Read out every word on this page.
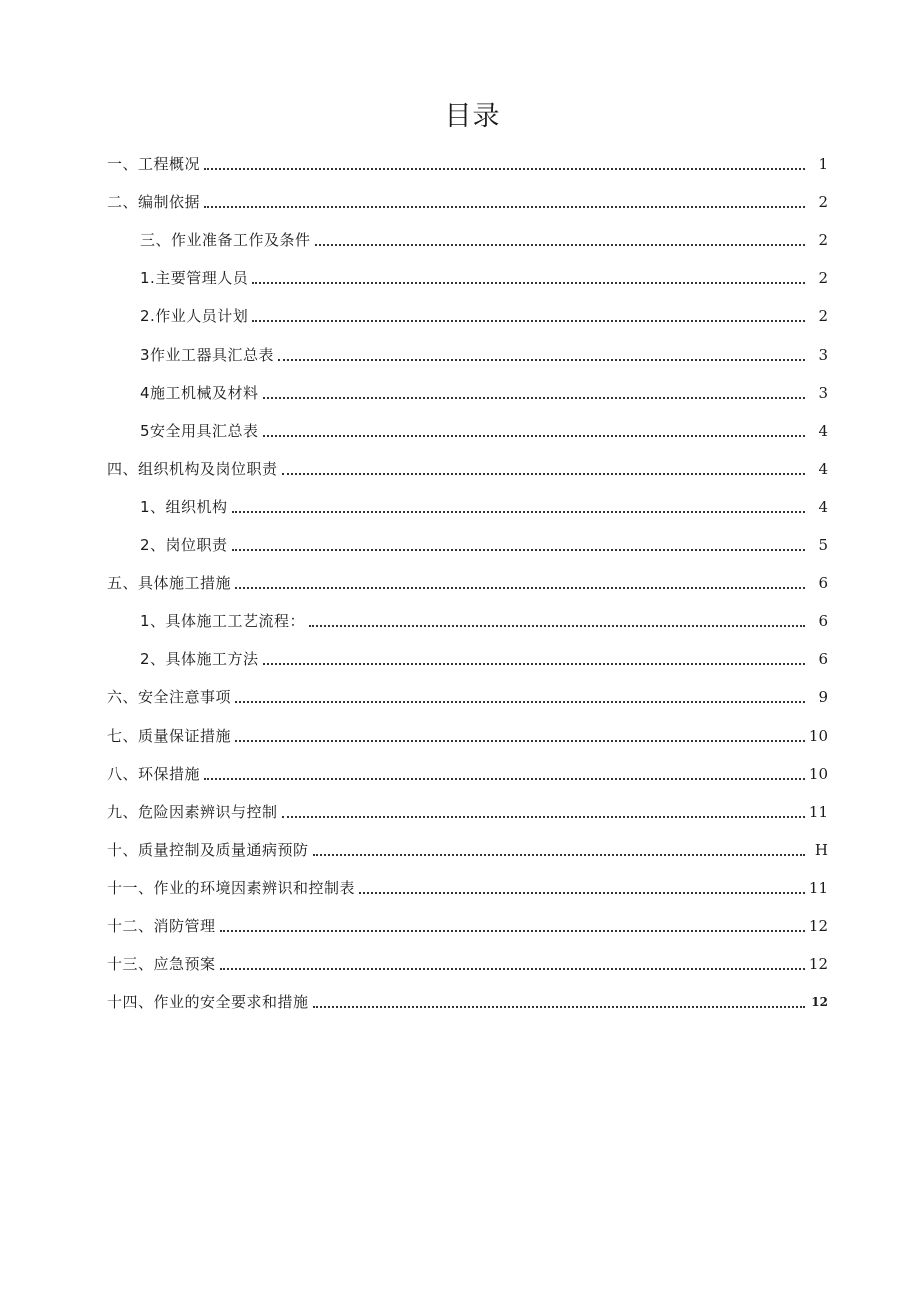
目录
一、工程概况	1
二、编制依据	2
三、作业准备工作及条件	2
1.主要管理人员	2
2.作业人员计划	2
3作业工器具汇总表	3
4施工机械及材料	3
5安全用具汇总表	4
四、组织机构及岗位职责	4
1、组织机构	4
2、岗位职责	5
五、具体施工措施	6
1、具体施工工艺流程：	6
2、具体施工方法	6
六、安全注意事项	9
七、质量保证措施	10
八、环保措施	10
九、危险因素辨识与控制	11
十、质量控制及质量通病预防	H
十一、作业的环境因素辨识和控制表	11
十二、消防管理	12
十三、应急预案	12
十四、作业的安全要求和措施	12
